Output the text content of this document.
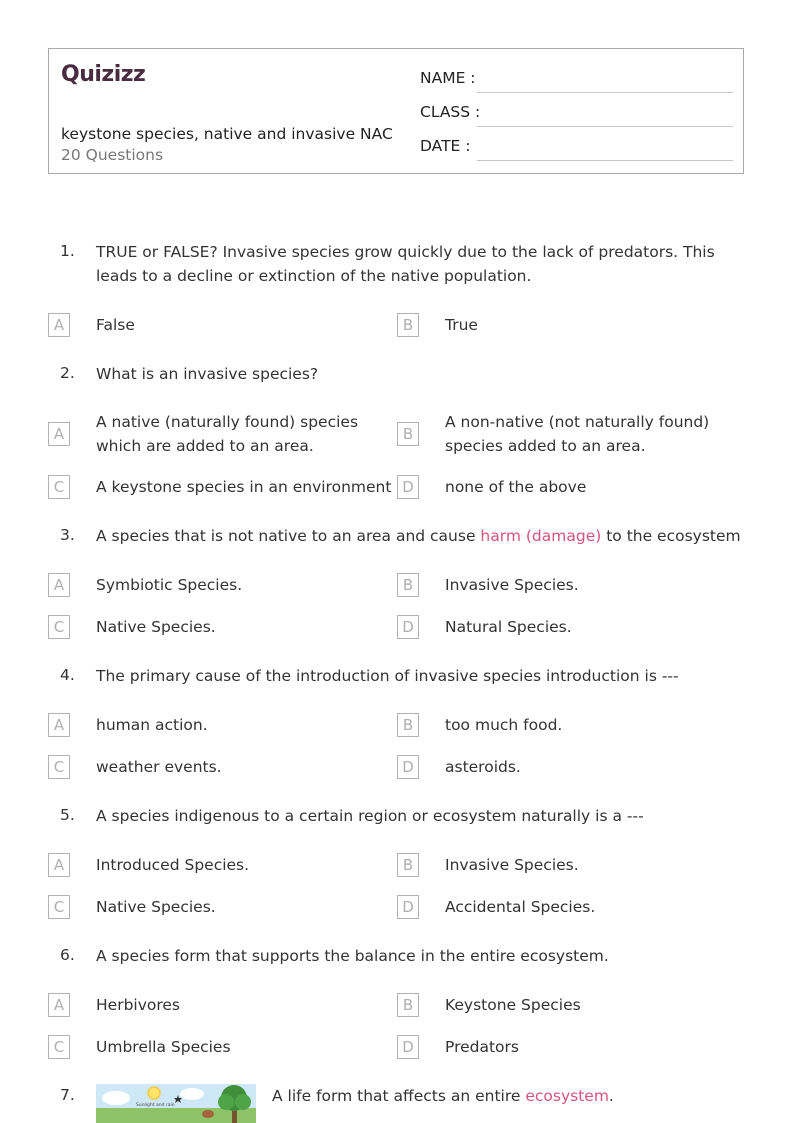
Quizizz
keystone species, native and invasive NAC
20 Questions
NAME :
CLASS :
DATE :
1. TRUE or FALSE? Invasive species grow quickly due to the lack of predators. This leads to a decline or extinction of the native population.
A	False	B	True
2. What is an invasive species?
A
A native (naturally found) species which are added to an area.
B
A non-native (not naturally found) species added to an area.
C	A keystone species in an environment D	none of the above
3. A species that is not native to an area and cause harm (damage) to the ecosystem
A	Symbiotic Species.	B	Invasive Species.
C	Native Species.	D	Natural Species.
4. The primary cause of the introduction of invasive species introduction is ---
A	human action.	B	too much food.
C	weather events.	D	asteroids.
5. A species indigenous to a certain region or ecosystem naturally is a ---
A	Introduced Species.	B	Invasive Species.
C	Native Species.	D	Accidental Species.
6. A species form that supports the balance in the entire ecosystem.
A	Herbivores	B	Keystone Species
C	Umbrella Species	D	Predators
7.
Sunlight and rain
A life form that affects an entire ecosystem.
